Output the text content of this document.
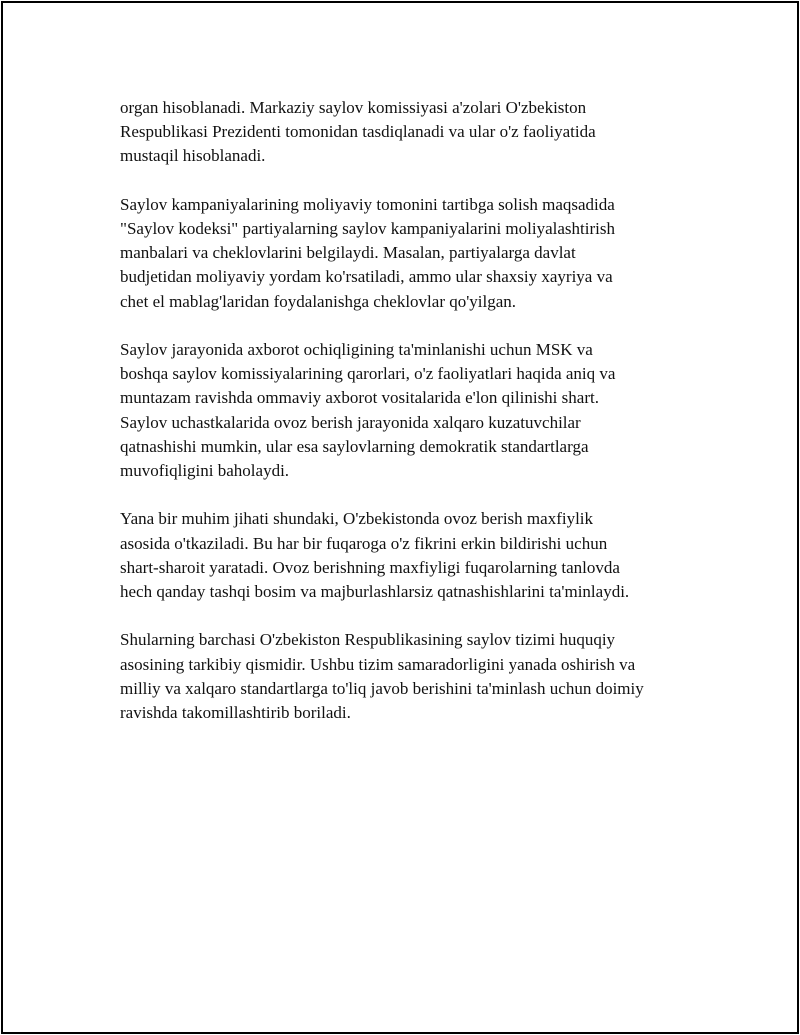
organ hisoblanadi. Markaziy saylov komissiyasi a'zolari O'zbekiston
Respublikasi Prezidenti tomonidan tasdiqlanadi va ular o'z faoliyatida
mustaqil hisoblanadi.

Saylov kampaniyalarining moliyaviy tomonini tartibga solish maqsadida
"Saylov kodeksi" partiyalarning saylov kampaniyalarini moliyalashtirish
manbalari va cheklovlarini belgilaydi. Masalan, partiyalarga davlat
budjetidan moliyaviy yordam ko'rsatiladi, ammo ular shaxsiy xayriya va
chet el mablag'laridan foydalanishga cheklovlar qo'yilgan.

Saylov jarayonida axborot ochiqligining ta'minlanishi uchun MSK va
boshqa saylov komissiyalarining qarorlari, o'z faoliyatlari haqida aniq va
muntazam ravishda ommaviy axborot vositalarida e'lon qilinishi shart.
Saylov uchastkalarida ovoz berish jarayonida xalqaro kuzatuvchilar
qatnashishi mumkin, ular esa saylovlarning demokratik standartlarga
muvofiqligini baholaydi.

Yana bir muhim jihati shundaki, O'zbekistonda ovoz berish maxfiylik
asosida o'tkaziladi. Bu har bir fuqaroga o'z fikrini erkin bildirishi uchun
shart-sharoit yaratadi. Ovoz berishning maxfiyligi fuqarolarning tanlovda
hech qanday tashqi bosim va majburlashlarsiz qatnashishlarini ta'minlaydi.

Shularning barchasi O'zbekiston Respublikasining saylov tizimi huquqiy
asosining tarkibiy qismidir. Ushbu tizim samaradorligini yanada oshirish va
milliy va xalqaro standartlarga to'liq javob berishini ta'minlash uchun doimiy
ravishda takomillashtirib boriladi.
